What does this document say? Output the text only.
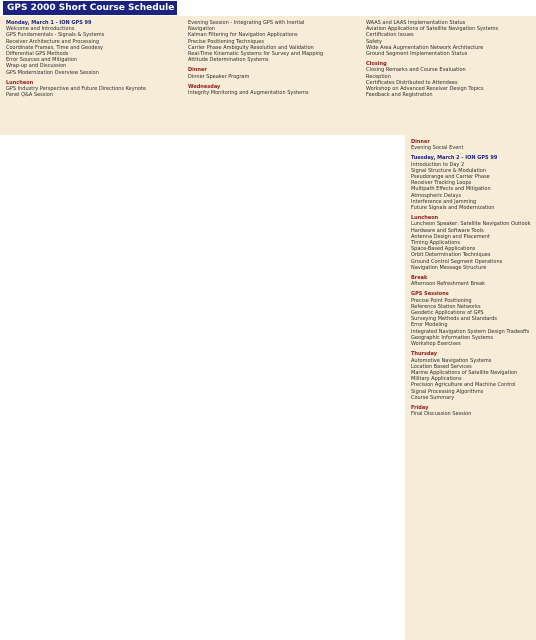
GPS 2000 Short Course Schedule
Monday, March 1 - ION GPS 99
Welcome and Introductions
GPS Fundamentals - Signals & Systems
Receiver Architecture and Processing
Coordinate Frames, Time and Geodesy
Differential GPS Methods
Error Sources and Mitigation
Wrap-up and Discussion
GPS Modernization Overview Session
Luncheon
GPS Industry Perspective and Future Directions Keynote
Panel Q&A Session
Evening Session - Integrating GPS with Inertial
Navigation
Kalman Filtering for Navigation Applications
Precise Positioning Techniques
Carrier Phase Ambiguity Resolution and Validation
Real-Time Kinematic Systems for Survey and Mapping
Attitude Determination Systems
Dinner
Dinner Speaker Program
Wednesday
Integrity Monitoring and Augmentation Systems
WAAS and LAAS Implementation Status
Aviation Applications of Satellite Navigation Systems
Certification Issues
Safety
Wide Area Augmentation Network Architecture
Ground Segment Implementation Status
Closing
Closing Remarks and Course Evaluation
Reception
Certificates Distributed to Attendees
Workshop on Advanced Receiver Design Topics
Feedback and Registration
Dinner
Evening Social Event
Tuesday, March 2 - ION GPS 99
Introduction to Day 2
Signal Structure & Modulation
Pseudorange and Carrier Phase
Receiver Tracking Loops
Multipath Effects and Mitigation
Atmospheric Delays
Interference and Jamming
Future Signals and Modernization
Luncheon
Luncheon Speaker: Satellite Navigation Outlook
Hardware and Software Tools
Antenna Design and Placement
Timing Applications
Space-Based Applications
Orbit Determination Techniques
Ground Control Segment Operations
Navigation Message Structure
Break
Afternoon Refreshment Break
GPS Sessions
Precise Point Positioning
Reference Station Networks
Geodetic Applications of GPS
Surveying Methods and Standards
Error Modeling
Integrated Navigation System Design Tradeoffs
Geographic Information Systems
Workshop Exercises
Thursday
Automotive Navigation Systems
Location Based Services
Marine Applications of Satellite Navigation
Military Applications
Precision Agriculture and Machine Control
Signal Processing Algorithms
Course Summary
Friday
Final Discussion Session
